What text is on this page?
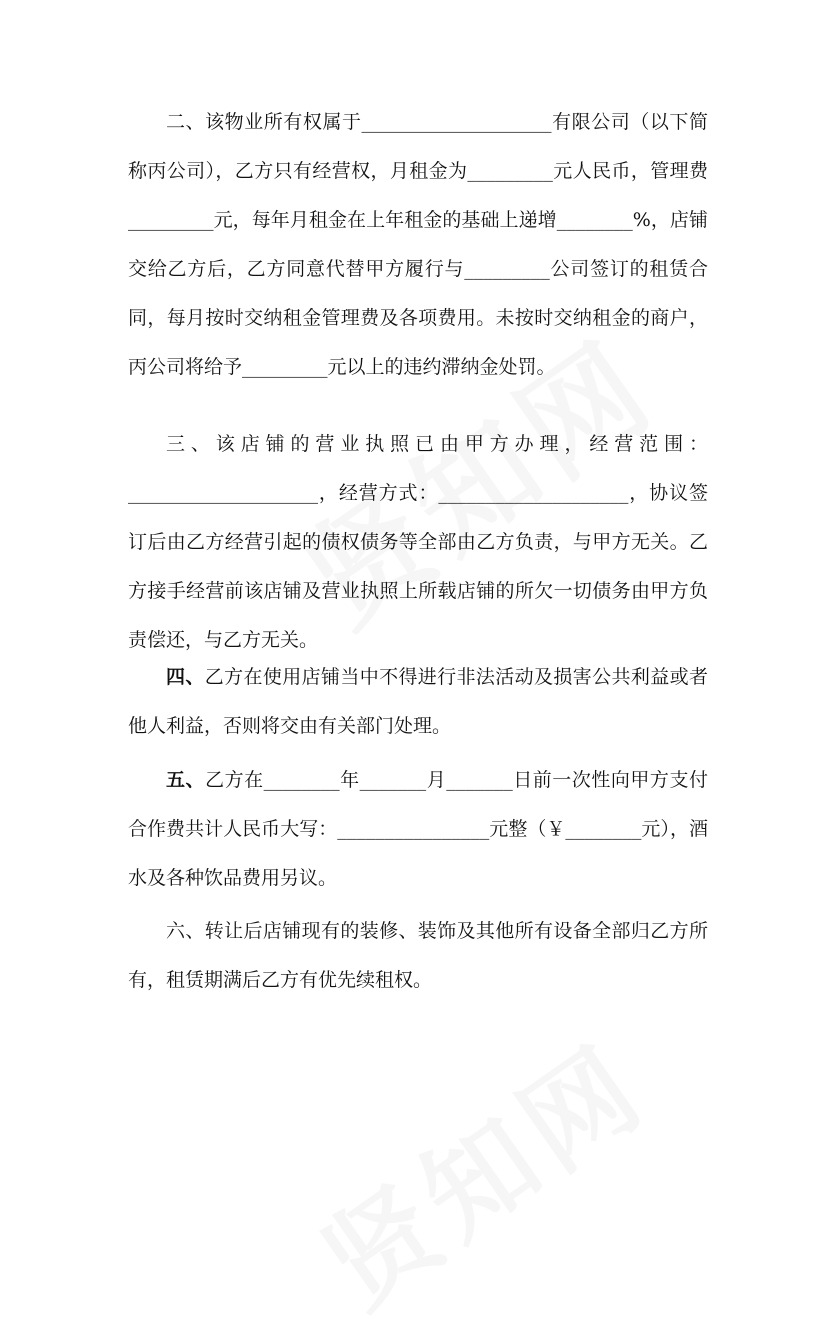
二、该物业所有权属于____________________有限公司（以下简称丙公司），乙方只有经营权，月租金为_________元人民币，管理费_________元，每年月租金在上年租金的基础上递增________%，店铺交给乙方后，乙方同意代替甲方履行与_________公司签订的租赁合同，每月按时交纳租金管理费及各项费用。未按时交纳租金的商户，丙公司将给予_________元以上的违约滞纳金处罚。

三、该店铺的营业执照已由甲方办理，经营范围：____________________，经营方式：____________________，协议签订后由乙方经营引起的债权债务等全部由乙方负责，与甲方无关。乙方接手经营前该店铺及营业执照上所载店铺的所欠一切债务由甲方负责偿还，与乙方无关。

四、乙方在使用店铺当中不得进行非法活动及损害公共利益或者他人利益，否则将交由有关部门处理。

五、乙方在________年_______月_______日前一次性向甲方支付合作费共计人民币大写：________________元整（￥________元），酒水及各种饮品费用另议。

六、转让后店铺现有的装修、装饰及其他所有设备全部归乙方所有，租赁期满后乙方有优先续租权。
